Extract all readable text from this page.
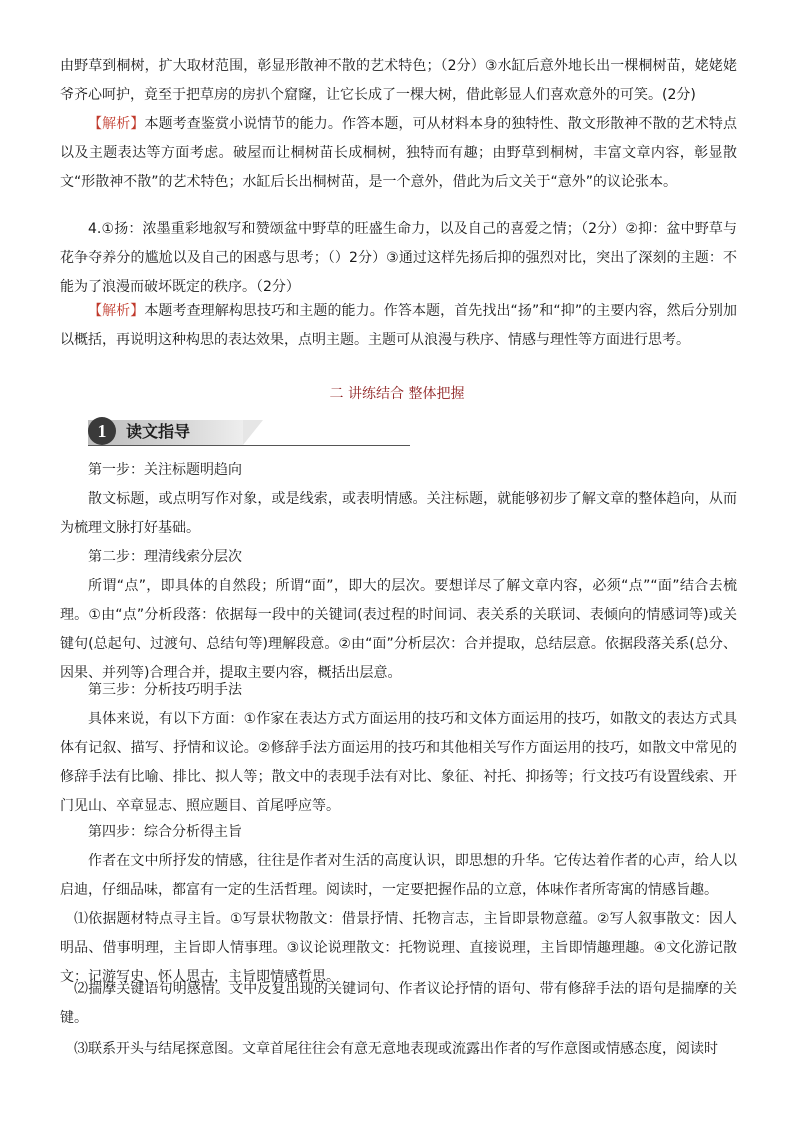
由野草到桐树，扩大取材范围，彰显形散神不散的艺术特色；（2分）③水缸后意外地长出一棵桐树苗，姥姥姥爷齐心呵护，竟至于把草房的房扒个窟窿，让它长成了一棵大树，借此彰显人们喜欢意外的可笑。(2分)

【解析】本题考查鉴赏小说情节的能力。作答本题，可从材料本身的独特性、散文形散神不散的艺术特点以及主题表达等方面考虑。破屋而让桐树苗长成桐树，独特而有趣；由野草到桐树，丰富文章内容，彰显散文“形散神不散”的艺术特色；水缸后长出桐树苗，是一个意外，借此为后文关于“意外”的议论张本。

4.①扬：浓墨重彩地叙写和赞颂盆中野草的旺盛生命力，以及自己的喜爱之情；（2分）②抑：盆中野草与花争夺养分的尴尬以及自己的困惑与思考；（）2分）③通过这样先扬后抑的强烈对比，突出了深刻的主题：不能为了浪漫而破坏既定的秩序。（2分）

【解析】本题考查理解构思技巧和主题的能力。作答本题，首先找出“扬”和“抑”的主要内容，然后分别加以概括，再说明这种构思的表达效果，点明主题。主题可从浪漫与秩序、情感与理性等方面进行思考。

二 讲练结合 整体把握
1	读文指导

第一步：关注标题明趋向

散文标题，或点明写作对象，或是线索，或表明情感。关注标题，就能够初步了解文章的整体趋向，从而为梳理文脉打好基础。

第二步：理清线索分层次

所谓“点”，即具体的自然段；所谓“面”，即大的层次。要想详尽了解文章内容，必须“点”“面”结合去梳理。①由“点”分析段落：依据每一段中的关键词(表过程的时间词、表关系的关联词、表倾向的情感词等)或关键句(总起句、过渡句、总结句等)理解段意。②由“面”分析层次：合并提取，总结层意。依据段落关系(总分、因果、并列等)合理合并，提取主要内容，概括出层意。

第三步：分析技巧明手法

具体来说，有以下方面：①作家在表达方式方面运用的技巧和文体方面运用的技巧，如散文的表达方式具体有记叙、描写、抒情和议论。②修辞手法方面运用的技巧和其他相关写作方面运用的技巧，如散文中常见的修辞手法有比喻、排比、拟人等；散文中的表现手法有对比、象征、衬托、抑扬等；行文技巧有设置线索、开门见山、卒章显志、照应题目、首尾呼应等。

第四步：综合分析得主旨

作者在文中所抒发的情感，往往是作者对生活的高度认识，即思想的升华。它传达着作者的心声，给人以启迪，仔细品味，都富有一定的生活哲理。阅读时，一定要把握作品的立意，体味作者所寄寓的情感旨趣。

⑴依据题材特点寻主旨。①写景状物散文：借景抒情、托物言志，主旨即景物意蕴。②写人叙事散文：因人明品、借事明理，主旨即人情事理。③议论说理散文：托物说理、直接说理，主旨即情趣理趣。④文化游记散文：记游写史、怀人思古，主旨即情感哲思。

⑵揣摩关键语句明感情。文中反复出现的关键词句、作者议论抒情的语句、带有修辞手法的语句是揣摩的关键。

⑶联系开头与结尾探意图。文章首尾往往会有意无意地表现或流露出作者的写作意图或情感态度，阅读时
